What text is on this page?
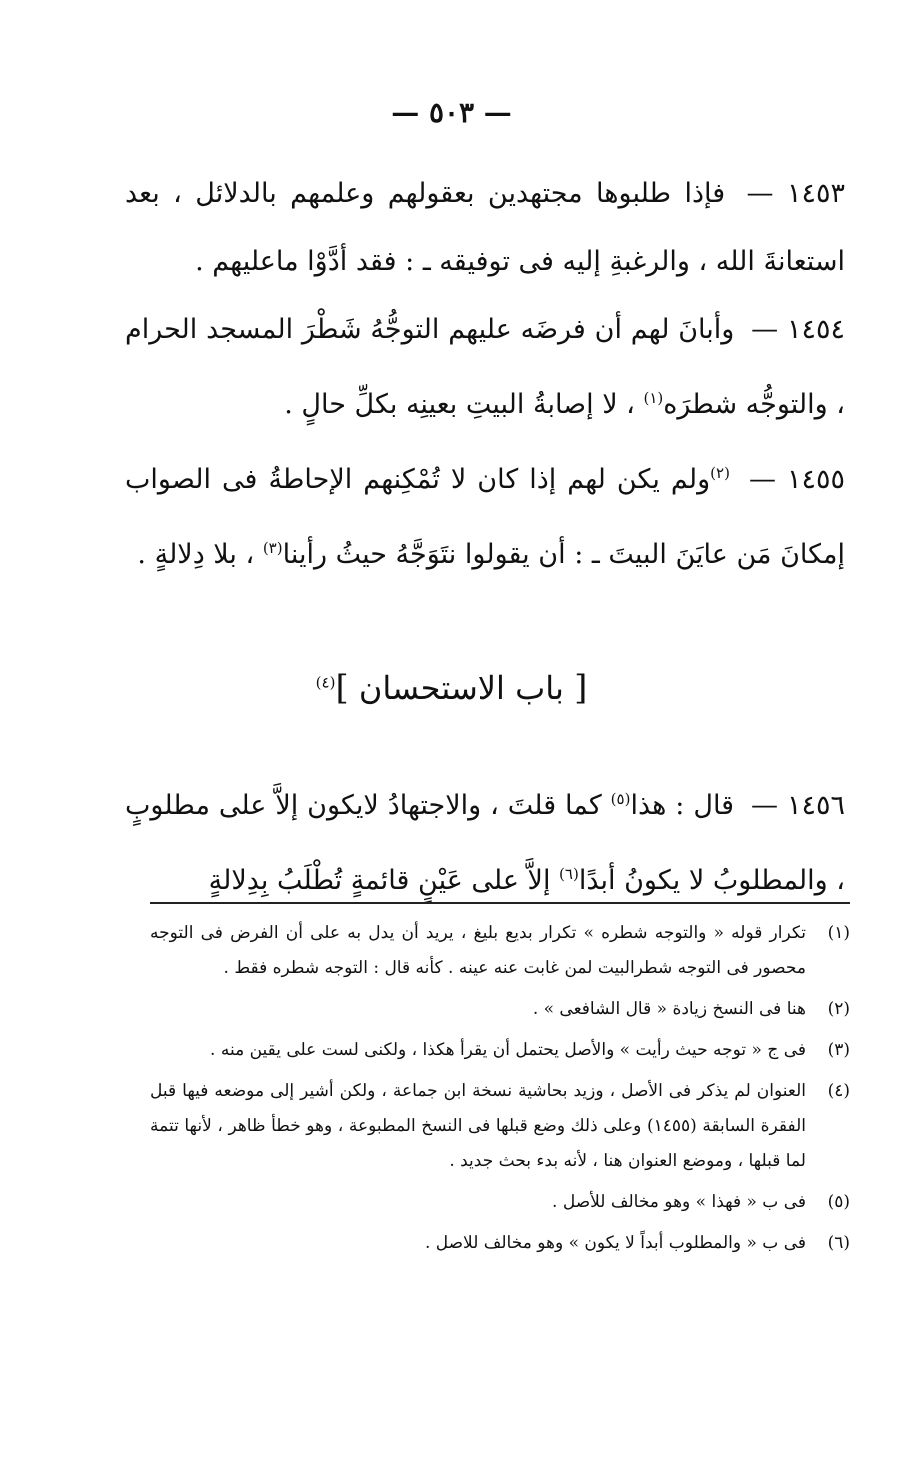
— ٥٠٣ —

١٤٥٣ — فإذا طلبوها مجتهدين بعقولهم وعلمهم بالدلائل ، بعد استعانةَ الله ، والرغبةِ إليه فى توفيقه ـ : فقد أدَّوْا ماعليهم .

١٤٥٤ — وأبانَ لهم أن فرضَه عليهم التوجُّهُ شَطْرَ المسجد الحرام ، والتوجُّه شطرَه$^{(١)}$ ، لا إصابةُ البيتِ بعينِه بكلِّ حالٍ .

١٤٥٥ — $^{(٢)}$ولم يكن لهم إذا كان لا تُمْكِنهم الإحاطةُ فى الصواب إمكانَ مَن عايَنَ البيتَ ـ : أن يقولوا نتَوَجَّهُ حيثُ رأينا$^{(٣)}$ ، بلا دِلالةٍ .

[ باب الاستحسان ]$^{(٤)}$

١٤٥٦ — قال : هذا$^{(٥)}$ كما قلتَ ، والاجتهادُ لايكون إلاَّ على مطلوبٍ ، والمطلوبُ لا يكونُ أبدًا$^{(٦)}$ إلاَّ على عَيْنٍ قائمةٍ تُطْلَبُ بِدِلالةٍ

(١)
تكرار قوله « والتوجه شطره » تكرار بديع بليغ ، يريد أن يدل به على أن الفرض فى التوجه محصور فى التوجه شطرالبيت لمن غابت عنه عينه . كأنه قال : التوجه شطره فقط .
(٢)
هنا فى النسخ زيادة « قال الشافعى » .
(٣)
فى ج « توجه حيث رأيت » والأصل يحتمل أن يقرأ هكذا ، ولكنى لست على يقين منه .
(٤)
العنوان لم يذكر فى الأصل ، وزيد بحاشية نسخة ابن جماعة ، ولكن أشير إلى موضعه فيها قبل الفقرة السابقة (١٤٥٥) وعلى ذلك وضع قبلها فى النسخ المطبوعة ، وهو خطأ ظاهر ، لأنها تتمة لما قبلها ، وموضع العنوان هنا ، لأنه بدء بحث جديد .
(٥)
فى ب « فهذا » وهو مخالف للأصل .
(٦)
فى ب « والمطلوب أبداً لا يكون » وهو مخالف للاصل .
